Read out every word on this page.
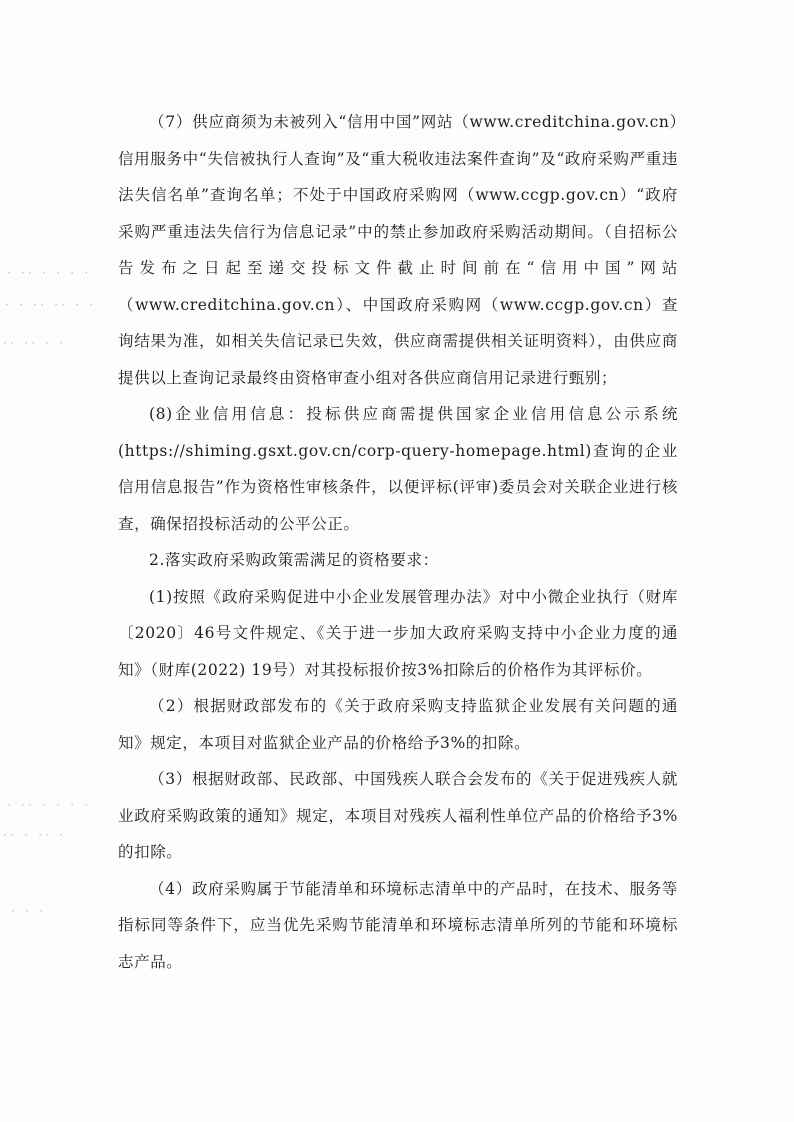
（7）供应商须为未被列入“信用中国”网站（www.creditchina.gov.cn）信用服务中“失信被执行人查询”及“重大税收违法案件查询”及“政府采购严重违法失信名单”查询名单；不处于中国政府采购网（www.ccgp.gov.cn）“政府采购严重违法失信行为信息记录”中的禁止参加政府采购活动期间。（自招标公告发布之日起至递交投标文件截止时间前在“信用中国”网站（www.creditchina.gov.cn）、中国政府采购网（www.ccgp.gov.cn）查询结果为准，如相关失信记录已失效，供应商需提供相关证明资料），由供应商提供以上查询记录最终由资格审查小组对各供应商信用记录进行甄别；

(8)企业信用信息：投标供应商需提供国家企业信用信息公示系统(https://shiming.gsxt.gov.cn/corp-query-homepage.html)查询的企业信用信息报告”作为资格性审核条件，以便评标(评审)委员会对关联企业进行核查，确保招投标活动的公平公正。

2.落实政府采购政策需满足的资格要求：

(1)按照《政府采购促进中小企业发展管理办法》对中小微企业执行（财库〔2020〕46号文件规定、《关于进一步加大政府采购支持中小企业力度的通知》（财库(2022) 19号）对其投标报价按3%扣除后的价格作为其评标价。

（2）根据财政部发布的《关于政府采购支持监狱企业发展有关问题的通知》规定，本项目对监狱企业产品的价格给予3%的扣除。

（3）根据财政部、民政部、中国残疾人联合会发布的《关于促进残疾人就业政府采购政策的通知》规定，本项目对残疾人福利性单位产品的价格给予3%的扣除。

（4）政府采购属于节能清单和环境标志清单中的产品时，在技术、服务等指标同等条件下，应当优先采购节能清单和环境标志清单所列的节能和环境标志产品。

· ·· · · · ·
· · ·· ·· · ·
·· ·· · ·
· ·· · · · ·
·· · ·· ·
· · ·
